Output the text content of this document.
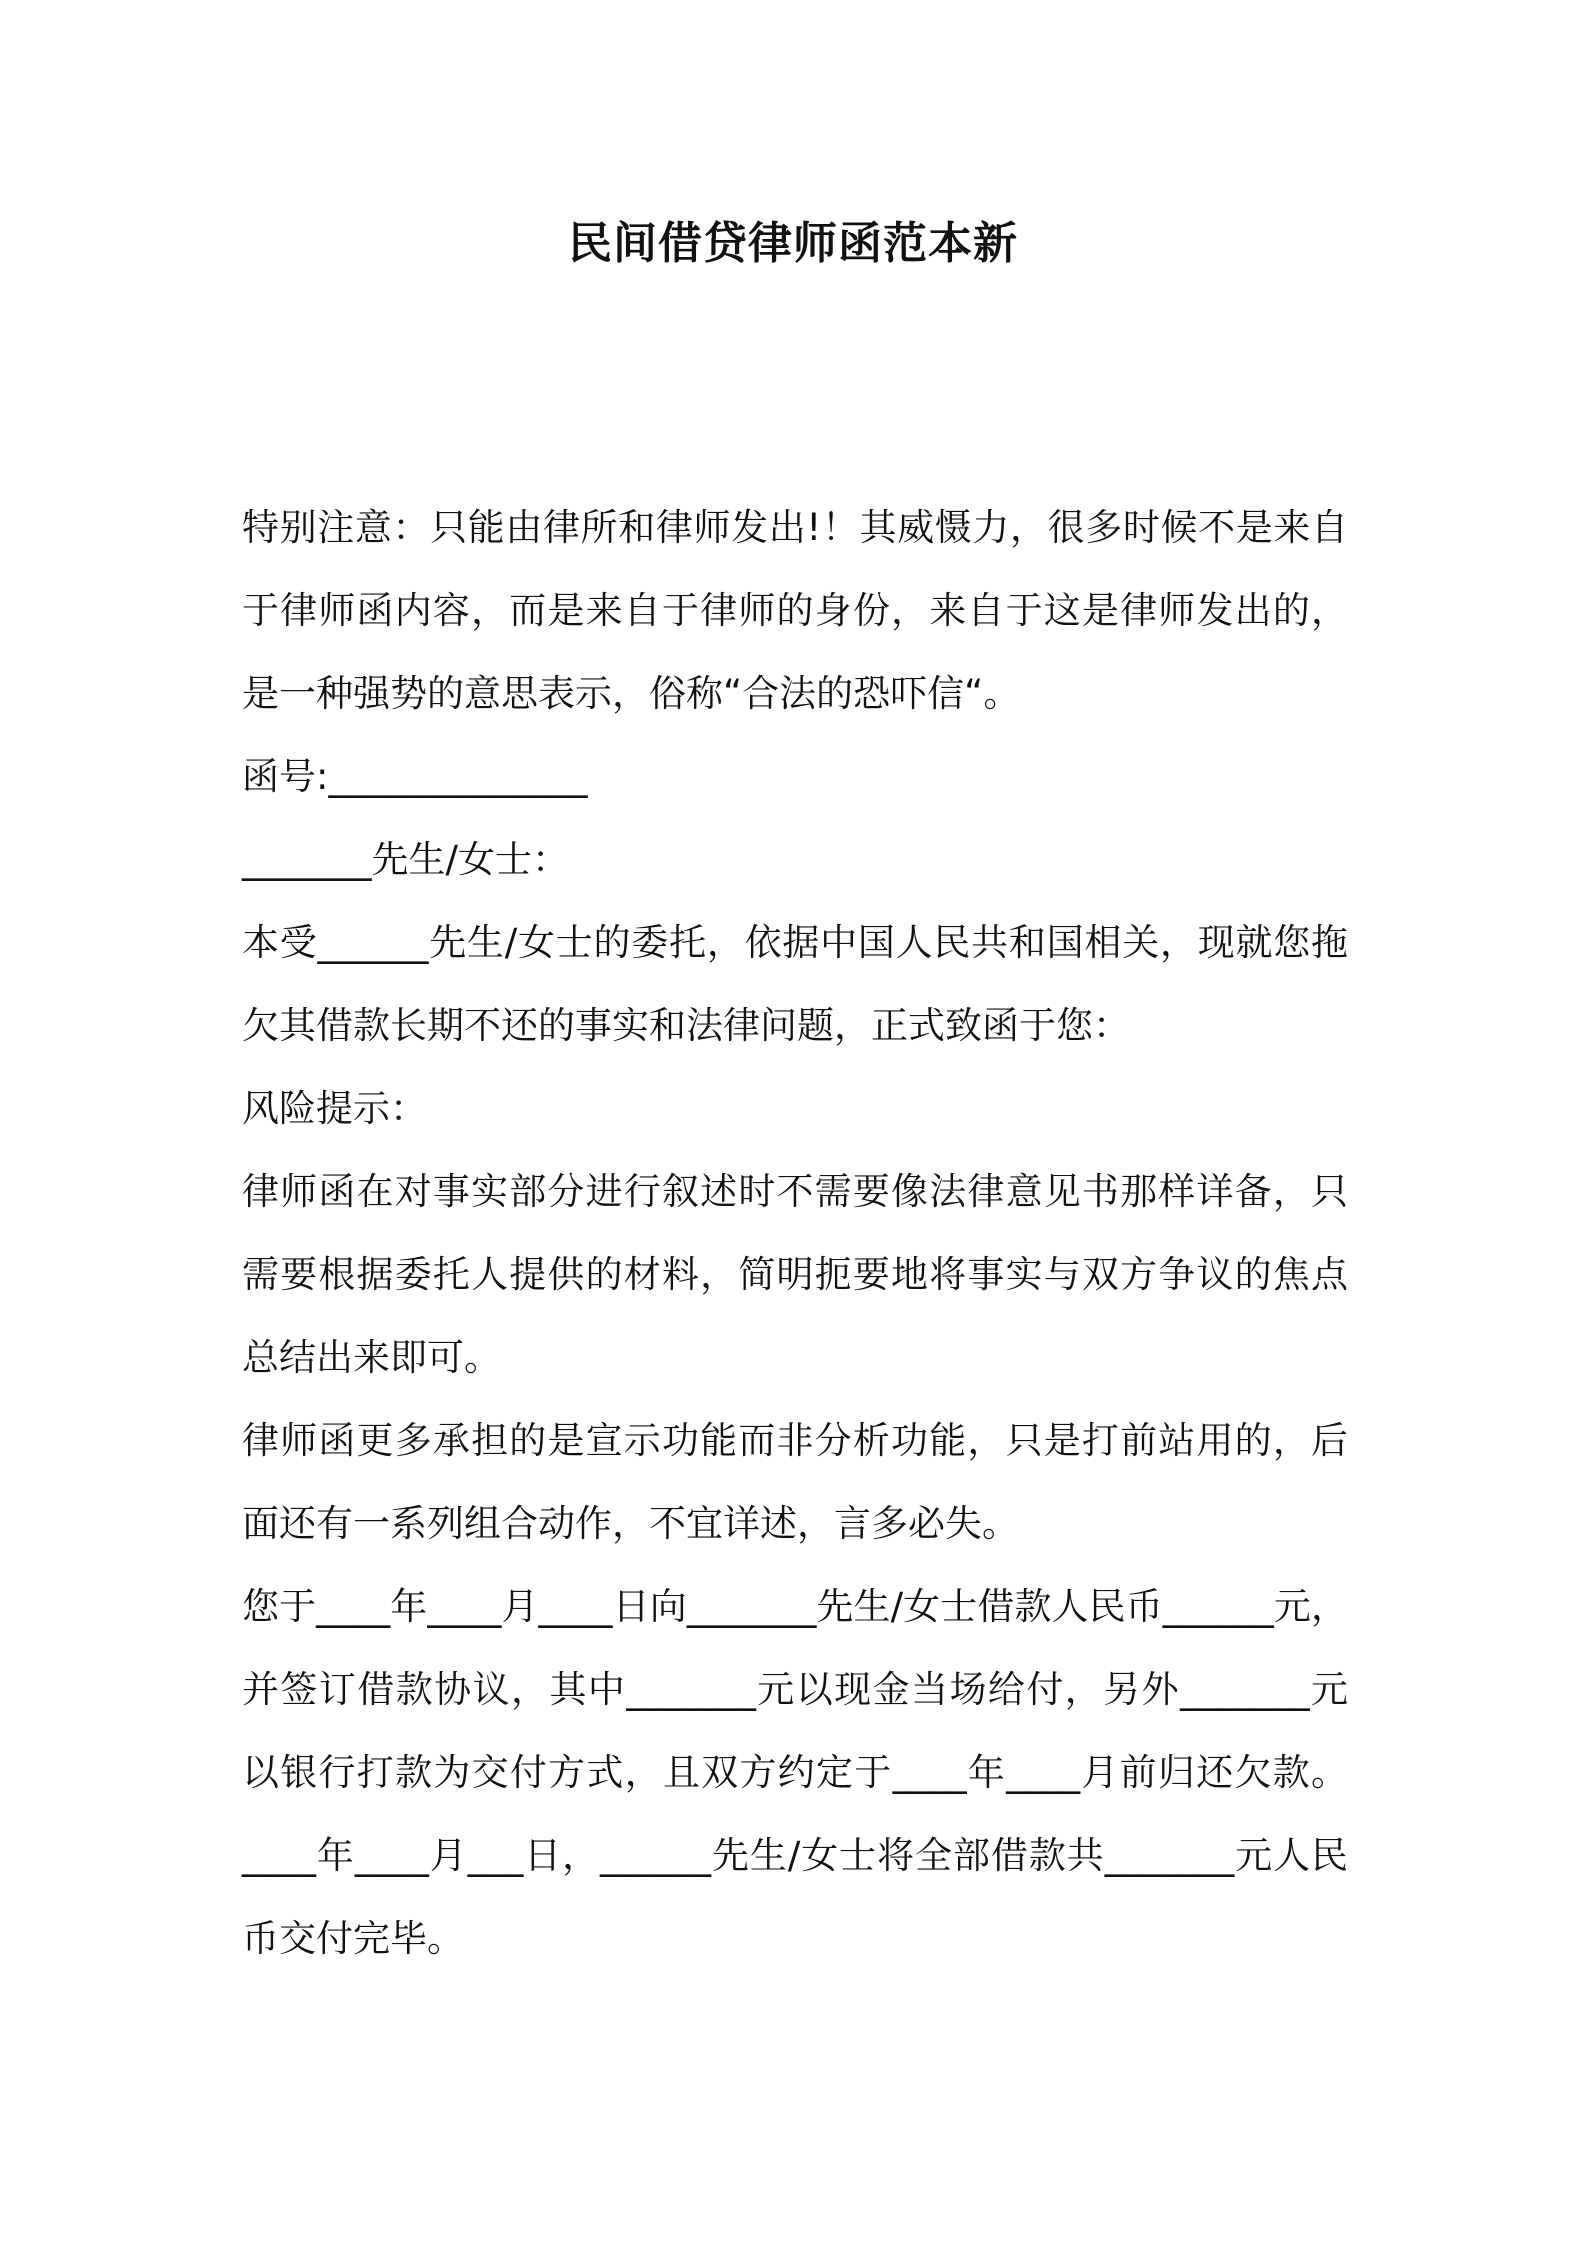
民间借贷律师函范本新

特别注意：只能由律所和律师发出!！其威慑力，很多时候不是来自于律师函内容，而是来自于律师的身份，来自于这是律师发出的，是一种强势的意思表示，俗称“合法的恐吓信“。

函号:______________

_______先生/女士：

本受______先生/女士的委托，依据中国人民共和国相关，现就您拖欠其借款长期不还的事实和法律问题，正式致函于您：

风险提示：

律师函在对事实部分进行叙述时不需要像法律意见书那样详备，只需要根据委托人提供的材料，简明扼要地将事实与双方争议的焦点总结出来即可。

律师函更多承担的是宣示功能而非分析功能，只是打前站用的，后面还有一系列组合动作，不宜详述，言多必失。

您于____年____月____日向_______先生/女士借款人民币______元，并签订借款协议，其中_______元以现金当场给付，另外_______元以银行打款为交付方式，且双方约定于____年____月前归还欠款。____年____月___日，______先生/女士将全部借款共_______元人民币交付完毕。
